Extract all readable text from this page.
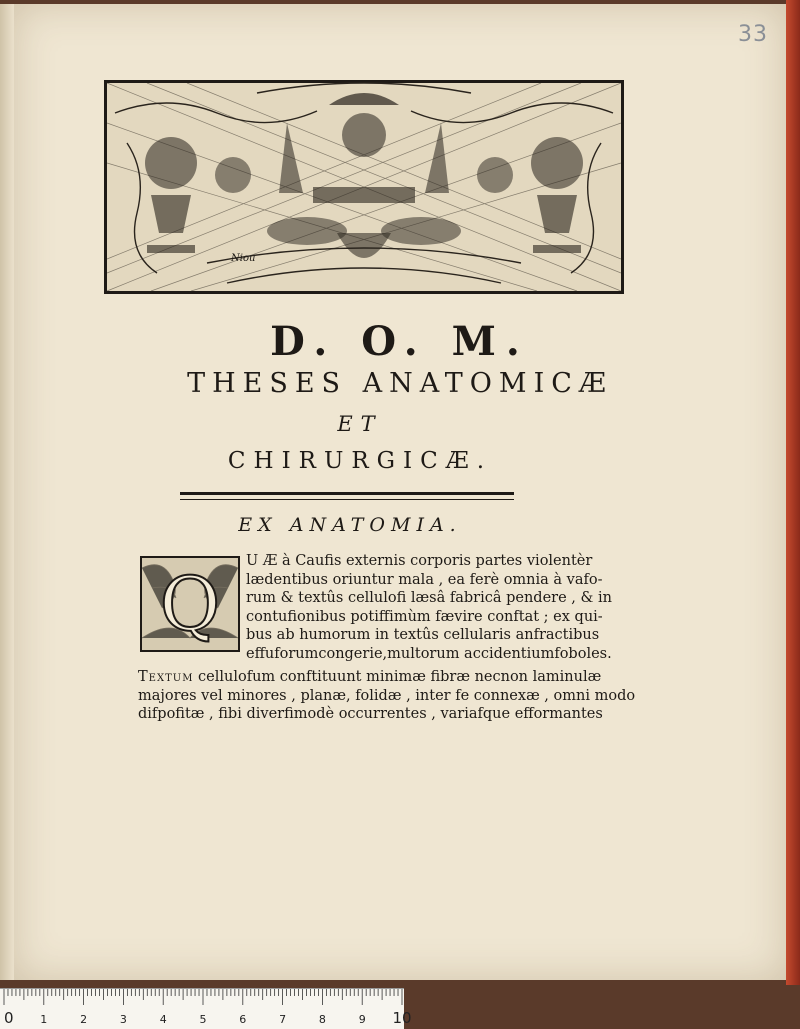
33
Niou
D. O. M.
THESES ANATOMICÆ
ET
CHIRURGICÆ.
EX ANATOMIA.
Q
U Æ à Caufis externis corporis partes violentèr
lædentibus oriuntur mala , ea ferè omnia à vafo-
rum & textûs cellulofi læsâ fabricâ pendere , & in
contufionibus potiffimùm fævire conftat ; ex qui-
bus ab humorum in textûs cellularis anfractibus
effuforumcongerie,multorum accidentiumfoboles.
Textum cellulofum conftituunt minimæ fibræ necnon laminulæ
majores vel minores , planæ, folidæ , inter fe connexæ , omni modo
difpofitæ , fibi diverfimodè occurrentes , variafque efformantes
0 1	2	3	4	5	6	7	8	9 10
